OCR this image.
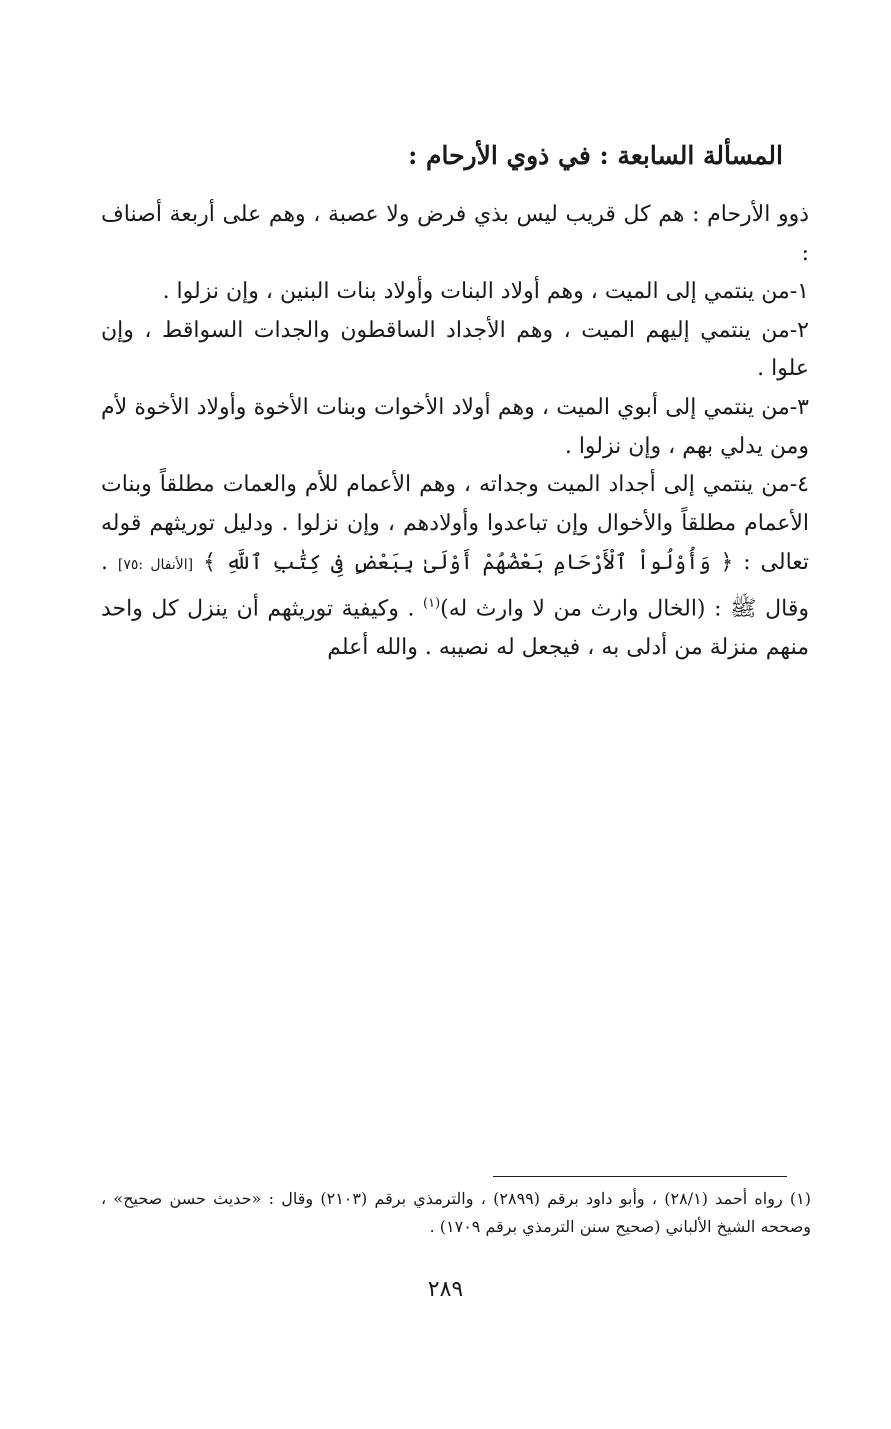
المسألة السابعة : في ذوي الأرحام :

ذوو الأرحام : هم كل قريب ليس بذي فرض ولا عصبة ، وهم على أربعة أصناف :

١-من ينتمي إلى الميت ، وهم أولاد البنات وأولاد بنات البنين ، وإن نزلوا .

٢-من ينتمي إليهم الميت ، وهم الأجداد الساقطون والجدات السواقط ، وإن علوا .

٣-من ينتمي إلى أبوي الميت ، وهم أولاد الأخوات وبنات الأخوة وأولاد الأخوة لأم ومن يدلي بهم ، وإن نزلوا .

٤-من ينتمي إلى أجداد الميت وجداته ، وهم الأعمام للأم والعمات مطلقاً وبنات الأعمام مطلقاً والأخوال وإن تباعدوا وأولادهم ، وإن نزلوا . ودليل توريثهم قوله تعالى : ﴿ وَأُوْلُواْ ٱلْأَرْحَامِ بَعْضُهُمْ أَوْلَىٰ بِبَعْضٍ فِى كِتَٰبِ ٱللَّهِ ﴾ [الأنفال :٧٥] . وقال ﷺ : (الخال وارث من لا وارث له)$^{(١)}$ . وكيفية توريثهم أن ينزل كل واحد منهم منزلة من أدلى به ، فيجعل له نصيبه . والله أعلم

(١) رواه أحمد (٢٨/١) ، وأبو داود برقم (٢٨٩٩) ، والترمذي برقم (٢١٠٣) وقال : «حديث حسن صحيح» ، وصححه الشيخ الألباني (صحيح سنن الترمذي برقم ١٧٠٩) .
٢٨٩
